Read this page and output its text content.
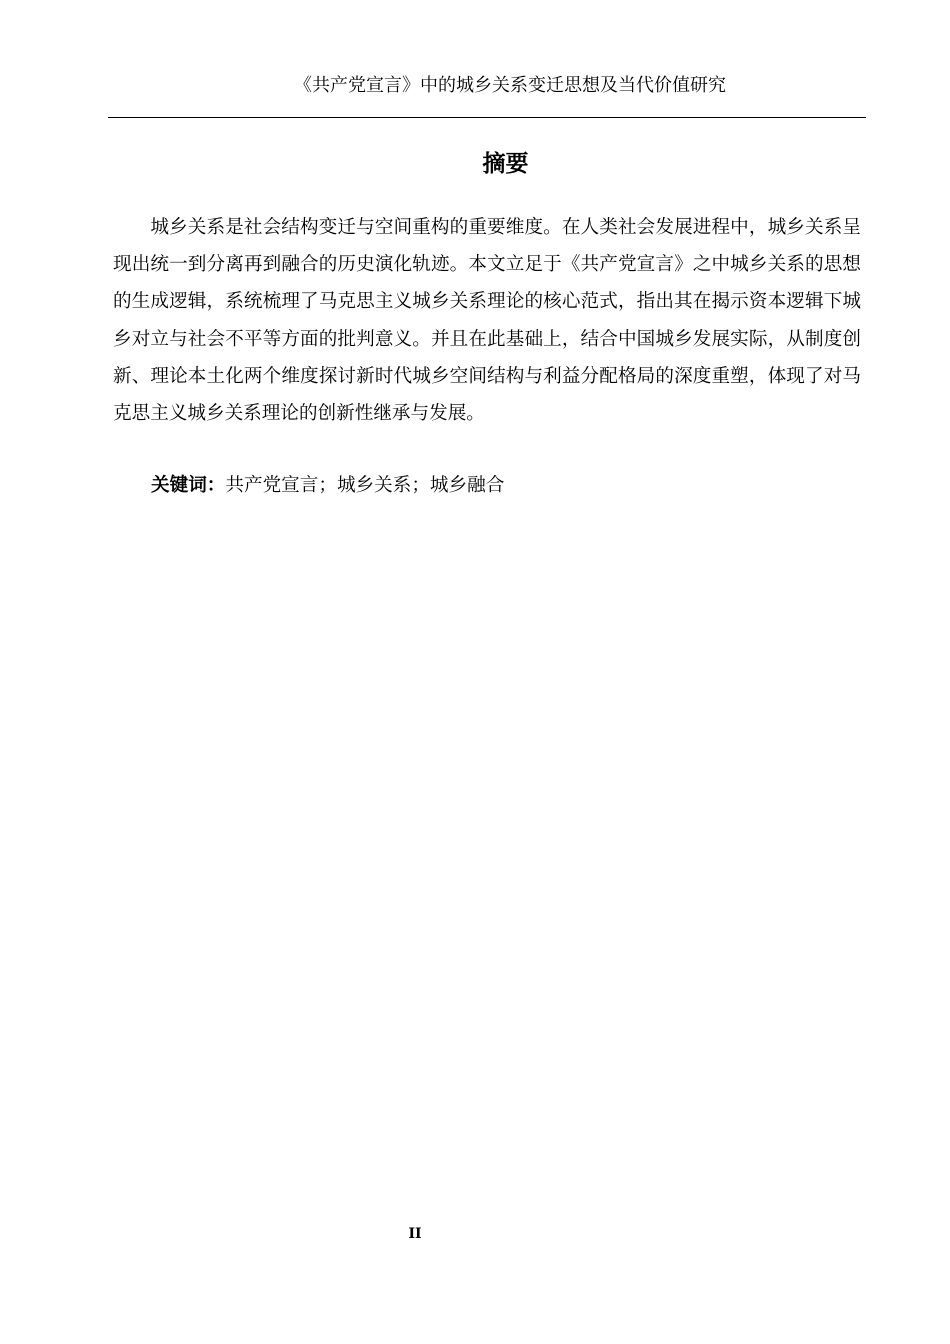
《共产党宣言》中的城乡关系变迁思想及当代价值研究
摘要

城乡关系是社会结构变迁与空间重构的重要维度。在人类社会发展进程中，城乡关系呈现出统一到分离再到融合的历史演化轨迹。本文立足于《共产党宣言》之中城乡关系的思想的生成逻辑，系统梳理了马克思主义城乡关系理论的核心范式，指出其在揭示资本逻辑下城乡对立与社会不平等方面的批判意义。并且在此基础上，结合中国城乡发展实际，从制度创新、理论本土化两个维度探讨新时代城乡空间结构与利益分配格局的深度重塑，体现了对马克思主义城乡关系理论的创新性继承与发展。

关键词：共产党宣言；城乡关系；城乡融合
II
